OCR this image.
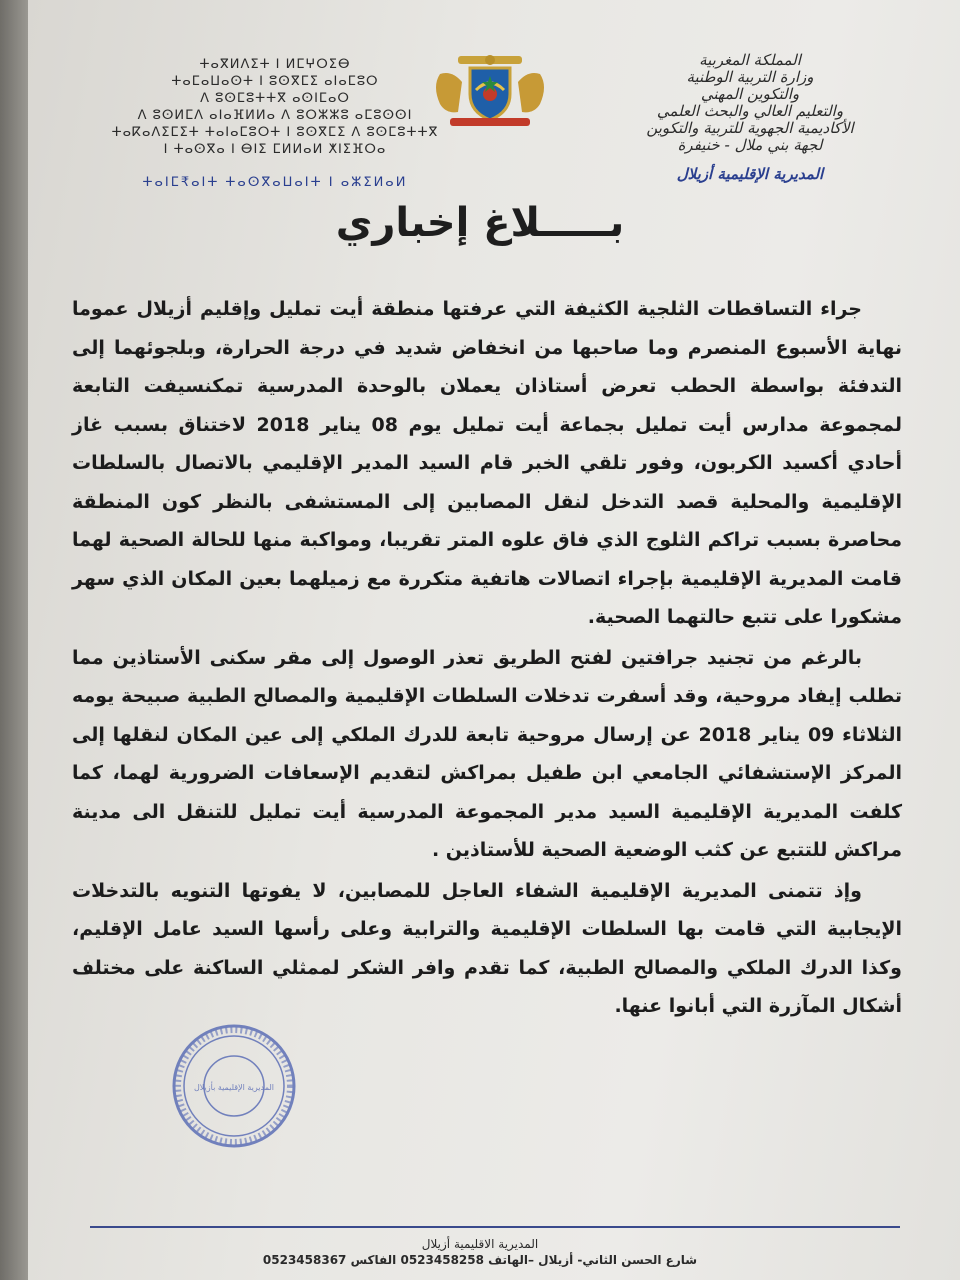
ⵜⴰⴳⵍⴷⵉⵜ ⵏ ⵍⵎⵖⵔⵉⴱ
ⵜⴰⵎⴰⵡⴰⵙⵜ ⵏ ⵓⵙⴳⵎⵉ ⴰⵏⴰⵎⵓⵔ
ⴷ ⵓⵙⵎⵓⵜⵜⴳ ⴰⵙⵏⵎⴰⵔ
ⴷ ⵓⵙⵍⵎⴷ ⴰⵏⴰⴼⵍⵍⴰ ⴷ ⵓⵔⵣⵣⵓ ⴰⵎⵓⵙⵙⵏ
ⵜⴰⴽⴰⴷⵉⵎⵉⵜ ⵜⴰⵏⴰⵎⵓⵔⵜ ⵏ ⵓⵙⴳⵎⵉ ⴷ ⵓⵙⵎⵓⵜⵜⴳ
ⵏ ⵜⴰⵙⴳⴰ ⵏ ⴱⵏⵉ ⵎⵍⵍⴰⵍ ⵅⵏⵉⴼⵔⴰ
ⵜⴰⵏⵎ₹ⴰⵏⵜ ⵜⴰⵙⴳⴰⵡⴰⵏⵜ ⵏ ⴰⵣⵉⵍⴰⵍ
المملكة المغربية
وزارة التربية الوطنية
والتكوين المهني
والتعليم العالي والبحث العلمي
الأكاديمية الجهوية للتربية والتكوين
لجهة بني ملال - خنيفرة
المديرية الإقليمية أزيلال
بـــــلاغ إخباري

جراء التساقطات الثلجية الكثيفة التي عرفتها منطقة أيت تمليل وإقليم أزيلال عموما نهاية الأسبوع المنصرم وما صاحبها من انخفاض شديد في درجة الحرارة، وبلجوئهما إلى التدفئة بواسطة الحطب تعرض أستاذان يعملان بالوحدة المدرسية تمكنسيفت التابعة لمجموعة مدارس أيت تمليل بجماعة أيت تمليل يوم 08 يناير 2018 لاختناق بسبب غاز أحادي أكسيد الكربون، وفور تلقي الخبر قام السيد المدير الإقليمي بالاتصال بالسلطات الإقليمية والمحلية قصد التدخل لنقل المصابين إلى المستشفى بالنظر كون المنطقة محاصرة بسبب تراكم الثلوج الذي فاق علوه المتر تقريبا، ومواكبة منها للحالة الصحية لهما قامت المديرية الإقليمية بإجراء اتصالات هاتفية متكررة مع زميلهما بعين المكان الذي سهر مشكورا على تتبع حالتهما الصحية.

بالرغم من تجنيد جرافتين لفتح الطريق تعذر الوصول إلى مقر سكنى الأستاذين مما تطلب إيفاد مروحية، وقد أسفرت تدخلات السلطات الإقليمية والمصالح الطبية صبيحة يومه الثلاثاء 09 يناير 2018 عن إرسال مروحية تابعة للدرك الملكي إلى عين المكان لنقلها إلى المركز الإستشفائي الجامعي ابن طفيل بمراكش لتقديم الإسعافات الضرورية لهما، كما كلفت المديرية الإقليمية السيد مدير المجموعة المدرسية أيت تمليل للتنقل الى مدينة مراكش للتتبع عن كثب الوضعية الصحية للأستاذين .

وإذ تتمنى المديرية الإقليمية الشفاء العاجل للمصابين، لا يفوتها التنويه بالتدخلات الإيجابية التي قامت بها السلطات الإقليمية والترابية وعلى رأسها السيد عامل الإقليم، وكذا الدرك الملكي والمصالح الطبية، كما تقدم وافر الشكر لممثلي الساكنة على مختلف أشكال المآزرة التي أبانوا عنها.

المديرية الإقليمية بأزيلال
المديرية الاقليمية أزيلال
شارع الحسن الثاني- أزيلال –الهاتف 0523458258 الفاكس 0523458367
